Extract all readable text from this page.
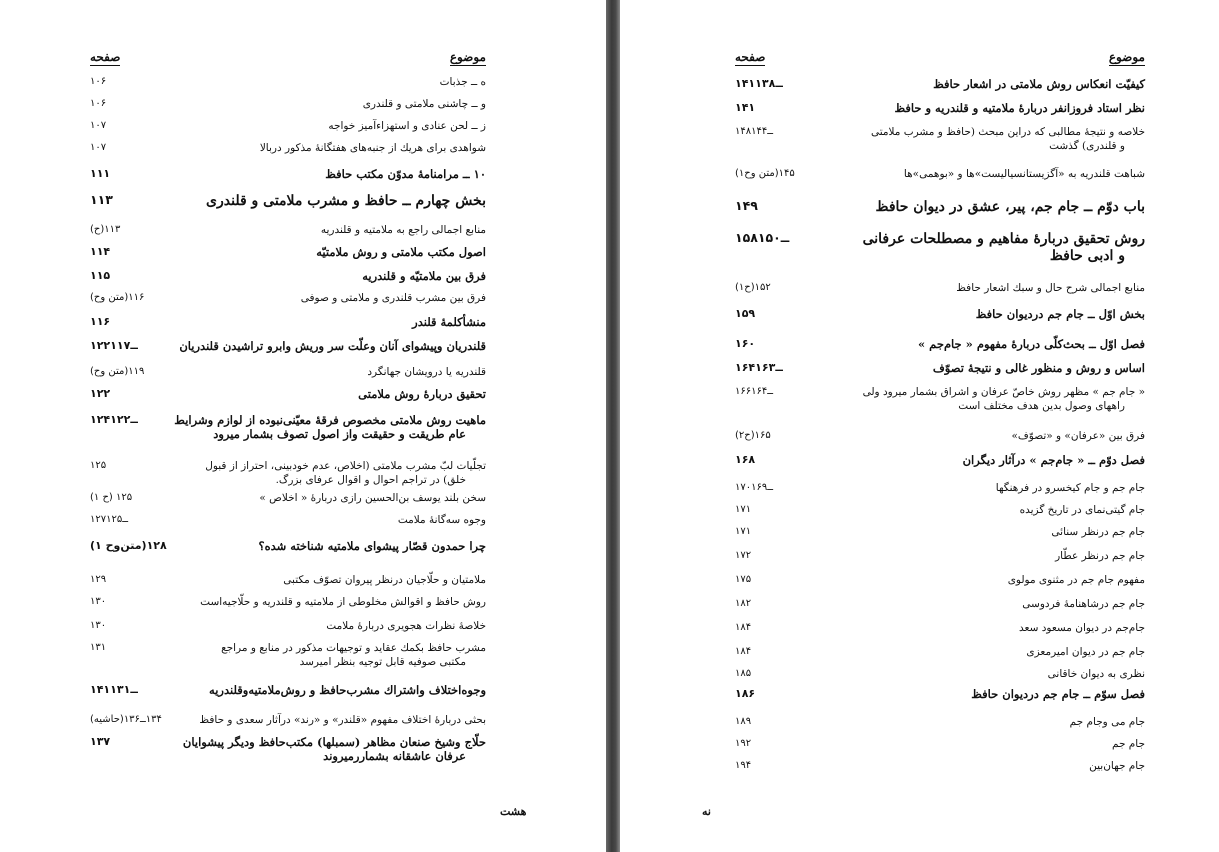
موضوع
صفحه
ه ــ جذبات
۱۰۶
و ــ چاشنی ملامتی و قلندری
۱۰۶
ز ــ لحن عنادی و استهزاءآمیز خواجه
۱۰۷
شواهدی برای هریك از جنبه‌های هفتگانهٔ مذکور دربالا
۱۰۷
۱۰ ــ مرامنامهٔ مدوّن مکتب حافظ
۱۱۱
بخش چهارم ــ حافظ و مشرب ملامتی و قلندری
۱۱۳
منابع اجمالی راجع به ملامتیه و قلندریه
(ح)۱۱۳
اصول مکتب ملامتی و روش ملامتیّه
۱۱۴
فرق بین ملامتیّه و قلندریه
۱۱۵
فرق بین مشرب قلندری و ملامتی و صوفی
(متن وح)۱۱۶
منشأکلمهٔ قلندر
۱۱۶
قلندریان وپیشوای آنان وعلّت سر وریش وابرو تراشیدن قلندریان
۱۲۲ــ۱۱۷
قلندریه یا درویشان جهانگرد
(متن وح)۱۱۹
تحقیق دربارهٔ روش ملامتی
۱۲۲
ماهیت روش ملامتی مخصوص فرقهٔ معیّنی‌نبوده از لوازم وشرایط
عام طریقت و حقیقت واز اصول تصوف بشمار میرود
۱۲۴ــ۱۲۲
تجلّیات لبّ مشرب ملامتی (اخلاص، عدم خودبینی، احتراز از قبول
خلق) در تراجم احوال و اقوال عرفای بزرگ.
۱۲۵
سخن بلند یوسف بن‌الحسین رازی دربارهٔ « اخلاص »
(ح ۱) ۱۲۵
وجوه سه‌گانهٔ ملامت
۱۲۷ــ۱۲۵
چرا حمدون قصّار پیشوای ملامتیه شناخته شده؟
(متن‌وح ۱)۱۲۸
ملامتیان و حلّاجیان درنظر پیروان تصوّف مکتبی
۱۲۹
روش حافظ و اقوالش مخلوطی از ملامتیه و قلندریه و حلّاجیه‌است
۱۳۰
خلاصهٔ نظرات هجویری دربارهٔ ملامت
۱۳۰
مشرب حافظ بکمك عقاید و توجیهات مذکور در منابع و مراجع
مکتبی صوفیه قابل توجیه بنظر امیرسد
۱۳۱
وجوه‌اختلاف واشتراك مشرب‌حافظ و روش‌ملامتیه‌وقلندریه
۱۴۱ــ۱۳۱
بحثی دربارهٔ اختلاف مفهوم «قلندر» و «رند» درآثار سعدی و حافظ
(حاشیه)۱۳۴ــ۱۳۶
حلّاج وشیخ صنعان مظاهر (سمبلها) مکتب‌حافظ ودیگر پیشوایان
عرفان عاشقانه بشماررمیروند
۱۳۷
هشت
موضوع
صفحه
کیفیّت انعکاس روش ملامتی در اشعار حافظ
۱۴۱ــ۱۳۸
نظر استاد فروزانفر دربارهٔ ملامتیه و قلندریه و حافظ
۱۴۱
خلاصه و نتیجهٔ مطالبی که دراین مبحث (حافظ و مشرب ملامتی
و قلندری) گذشت
۱۴۸ــ۱۴۴
شباهت قلندریه به «آگزیستانسیالیست»ها و «بوهمی»ها
(متن وح۱)۱۴۵
باب دوّم ــ جام جم، پیر، عشق در دیوان حافظ
۱۴۹
روش تحقیق دربارهٔ مفاهیم و مصطلحات عرفانی
و ادبی حافظ
۱۵۸ــ۱۵۰
منابع اجمالی شرح حال و سبك اشعار حافظ
(ح۱)۱۵۲
بخش اوّل ــ جام جم دردیوان حافظ
۱۵۹
فصل اوّل ــ بحث‌کلّی دربارهٔ مفهوم « جام‌جم »
۱۶۰
اساس و روش و منظور غالی و نتیجهٔ تصوّف
۱۶۴ــ۱۶۳
« جام جم » مظهر روش خاصّ عرفان و اشراق بشمار میرود ولی
راههای وصول بدین هدف مختلف است
۱۶۶ــ۱۶۴
فرق بین «عرفان» و «تصوّف»
(ح۲)۱۶۵
فصل دوّم ــ « جام‌جم » درآثار دیگران
۱۶۸
جام جم و جام کیخسرو در فرهنگها
۱۷۰ــ۱۶۹
جام گیتی‌نمای در تاریخ گزیده
۱۷۱
جام جم درنظر سنائی
۱۷۱
جام جم درنظر عطّار
۱۷۲
مفهوم جام جم در مثنوی مولوی
۱۷۵
جام جم درشاهنامهٔ فردوسی
۱۸۲
جام‌جم در دیوان مسعود سعد
۱۸۴
جام جم در دیوان امیرمعزی
۱۸۴
نظری به دیوان خاقانی
۱۸۵
فصل سوّم ــ جام جم دردیوان حافظ
۱۸۶
جام می وجام جم
۱۸۹
جام جم
۱۹۲
جام جهان‌بین
۱۹۴
نه
